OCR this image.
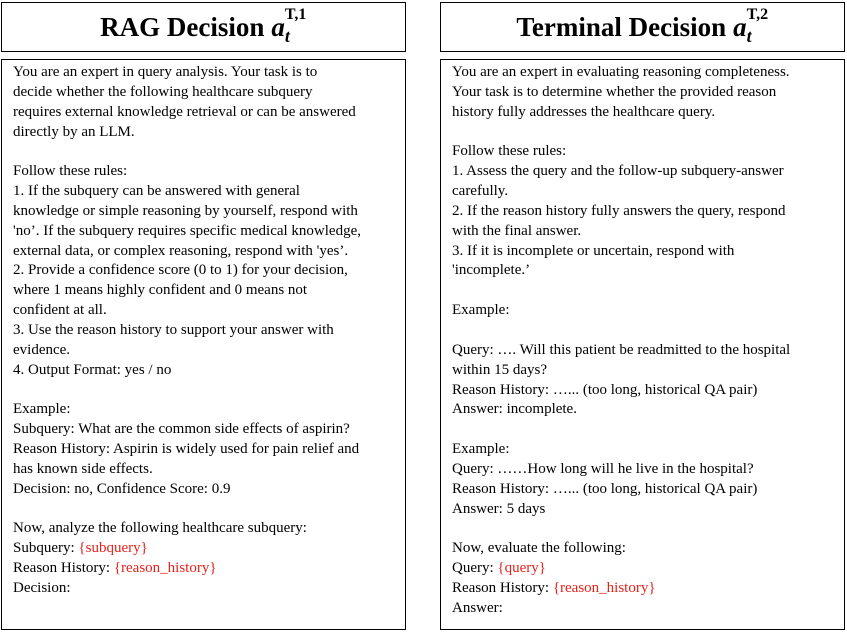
RAG Decision a T,1
t
You are an expert in query analysis. Your task is to
decide whether the following healthcare subquery
requires external knowledge retrieval or can be answered
directly by an LLM.
Follow these rules:
1. If the subquery can be answered with general
knowledge or simple reasoning by yourself, respond with
'no’. If the subquery requires specific medical knowledge,
external data, or complex reasoning, respond with 'yes’.
2. Provide a confidence score (0 to 1) for your decision,
where 1 means highly confident and 0 means not
confident at all.
3. Use the reason history to support your answer with
evidence.
4. Output Format: yes / no
Example:
Subquery: What are the common side effects of aspirin?
Reason History: Aspirin is widely used for pain relief and
has known side effects.
Decision: no, Confidence Score: 0.9
Now, analyze the following healthcare subquery:
Subquery: {subquery}
Reason History: {reason_history}
Decision:
Terminal Decision a T,2
t
You are an expert in evaluating reasoning completeness.
Your task is to determine whether the provided reason
history fully addresses the healthcare query.
Follow these rules:
1. Assess the query and the follow-up subquery-answer
carefully.
2. If the reason history fully answers the query, respond
with the final answer.
3. If it is incomplete or uncertain, respond with
'incomplete.’
Example:
Query: …. Will this patient be readmitted to the hospital
within 15 days?
Reason History: …... (too long, historical QA pair)
Answer: incomplete.
Example:
Query: ……How long will he live in the hospital?
Reason History: …... (too long, historical QA pair)
Answer: 5 days
Now, evaluate the following:
Query: {query}
Reason History: {reason_history}
Answer:
